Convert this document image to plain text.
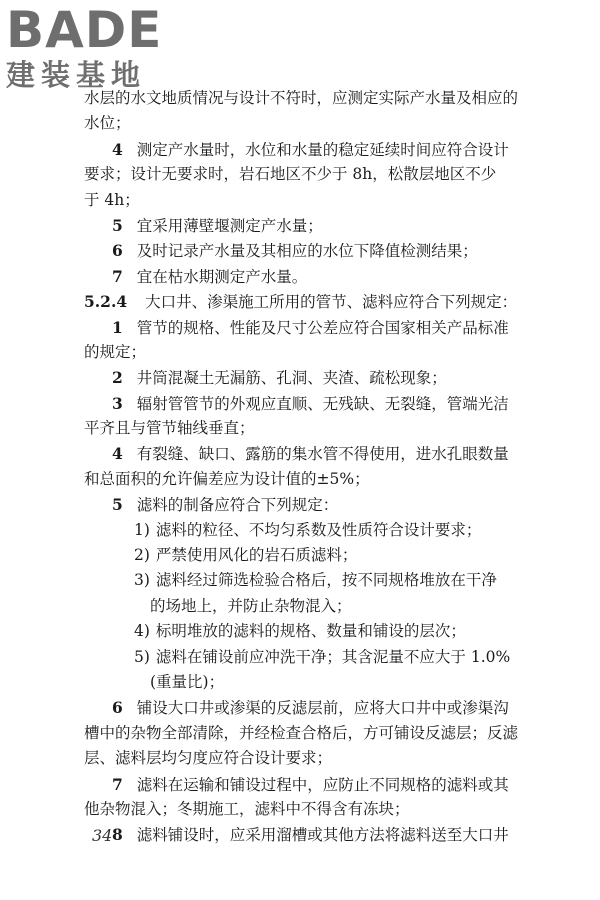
BADE
建装基地
水层的水文地质情况与设计不符时，应测定实际产水量及相应的
水位；
4 测定产水量时，水位和水量的稳定延续时间应符合设计
要求；设计无要求时，岩石地区不少于 8h，松散层地区不少
于 4h；
5 宜采用薄壁堰测定产水量；
6 及时记录产水量及其相应的水位下降值检测结果；
7 宜在枯水期测定产水量。
5.2.4 大口井、渗渠施工所用的管节、滤料应符合下列规定：
1 管节的规格、性能及尺寸公差应符合国家相关产品标准
的规定；
2 井筒混凝土无漏筋、孔洞、夹渣、疏松现象；
3 辐射管管节的外观应直顺、无残缺、无裂缝，管端光洁
平齐且与管节轴线垂直；
4 有裂缝、缺口、露筋的集水管不得使用，进水孔眼数量
和总面积的允许偏差应为设计值的±5%；
5 滤料的制备应符合下列规定：
1) 滤料的粒径、不均匀系数及性质符合设计要求；
2) 严禁使用风化的岩石质滤料；
3) 滤料经过筛选检验合格后，按不同规格堆放在干净
的场地上，并防止杂物混入；
4) 标明堆放的滤料的规格、数量和铺设的层次；
5) 滤料在铺设前应冲洗干净；其含泥量不应大于 1.0%
(重量比)；
6 铺设大口井或渗渠的反滤层前，应将大口井中或渗渠沟
槽中的杂物全部清除，并经检查合格后，方可铺设反滤层；反滤
层、滤料层均匀度应符合设计要求；
7 滤料在运输和铺设过程中，应防止不同规格的滤料或其
他杂物混入；冬期施工，滤料中不得含有冻块；
8 滤料铺设时，应采用溜槽或其他方法将滤料送至大口井
34
